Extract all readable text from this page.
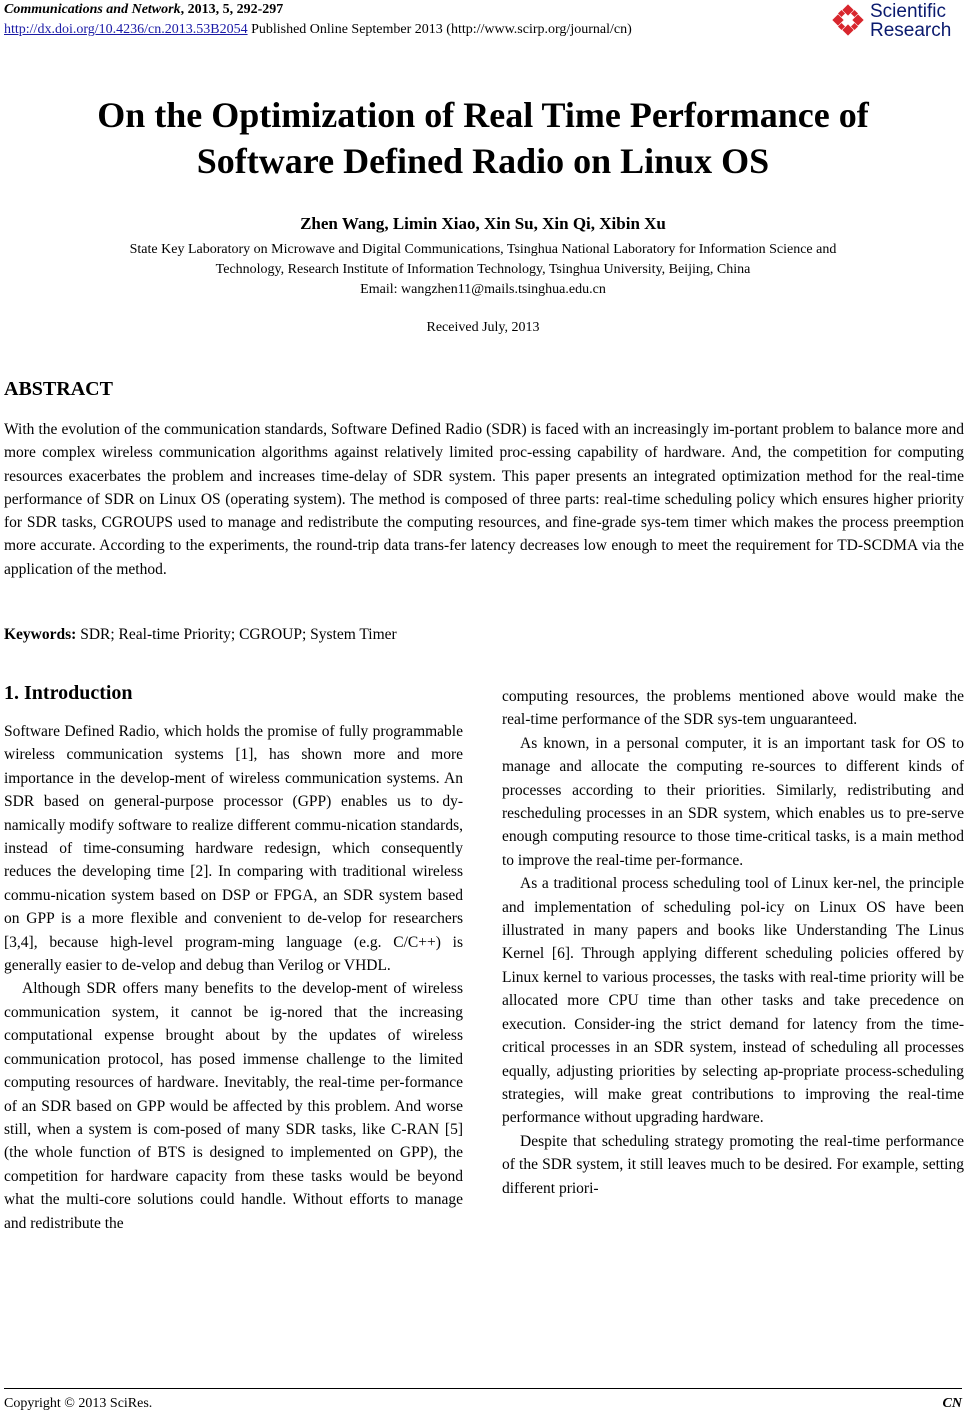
Communications and Network, 2013, 5, 292-297
http://dx.doi.org/10.4236/cn.2013.53B2054 Published Online September 2013 (http://www.scirp.org/journal/cn)
Scientific
Research
On the Optimization of Real Time Performance of
Software Defined Radio on Linux OS
Zhen Wang, Limin Xiao, Xin Su, Xin Qi, Xibin Xu
State Key Laboratory on Microwave and Digital Communications, Tsinghua National Laboratory for Information Science and
Technology, Research Institute of Information Technology, Tsinghua University, Beijing, China
Email: wangzhen11@mails.tsinghua.edu.cn
Received July, 2013
ABSTRACT
With the evolution of the communication standards, Software Defined Radio (SDR) is faced with an increasingly im-portant problem to balance more and more complex wireless communication algorithms against relatively limited proc-essing capability of hardware. And, the competition for computing resources exacerbates the problem and increases time-delay of SDR system. This paper presents an integrated optimization method for the real-time performance of SDR on Linux OS (operating system). The method is composed of three parts: real-time scheduling policy which ensures higher priority for SDR tasks, CGROUPS used to manage and redistribute the computing resources, and fine-grade sys-tem timer which makes the process preemption more accurate. According to the experiments, the round-trip data trans-fer latency decreases low enough to meet the requirement for TD-SCDMA via the application of the method.
Keywords: SDR; Real-time Priority; CGROUP; System Timer
1. Introduction

Software Defined Radio, which holds the promise of fully programmable wireless communication systems [1], has shown more and more importance in the develop-ment of wireless communication systems. An SDR based on general-purpose processor (GPP) enables us to dy-namically modify software to realize different commu-nication standards, instead of time-consuming hardware redesign, which consequently reduces the developing time [2]. In comparing with traditional wireless commu-nication system based on DSP or FPGA, an SDR system based on GPP is a more flexible and convenient to de-velop for researchers [3,4], because high-level program-ming language (e.g. C/C++) is generally easier to de-velop and debug than Verilog or VHDL.

Although SDR offers many benefits to the develop-ment of wireless communication system, it cannot be ig-nored that the increasing computational expense brought about by the updates of wireless communication protocol, has posed immense challenge to the limited computing resources of hardware. Inevitably, the real-time per-formance of an SDR based on GPP would be affected by this problem. And worse still, when a system is com-posed of many SDR tasks, like C-RAN [5] (the whole function of BTS is designed to implemented on GPP), the competition for hardware capacity from these tasks would be beyond what the multi-core solutions could handle. Without efforts to manage and redistribute the

computing resources, the problems mentioned above would make the real-time performance of the SDR sys-tem unguaranteed.

As known, in a personal computer, it is an important task for OS to manage and allocate the computing re-sources to different kinds of processes according to their priorities. Similarly, redistributing and rescheduling processes in an SDR system, which enables us to pre-serve enough computing resource to those time-critical tasks, is a main method to improve the real-time per-formance.

As a traditional process scheduling tool of Linux ker-nel, the principle and implementation of scheduling pol-icy on Linux OS have been illustrated in many papers and books like Understanding The Linus Kernel [6]. Through applying different scheduling policies offered by Linux kernel to various processes, the tasks with real-time priority will be allocated more CPU time than other tasks and take precedence on execution. Consider-ing the strict demand for latency from the time-critical processes in an SDR system, instead of scheduling all processes equally, adjusting priorities by selecting ap-propriate process-scheduling strategies, will make great contributions to improving the real-time performance without upgrading hardware.

Despite that scheduling strategy promoting the real-time performance of the SDR system, it still leaves much to be desired. For example, setting different priori-

Copyright © 2013 SciRes.	CN
